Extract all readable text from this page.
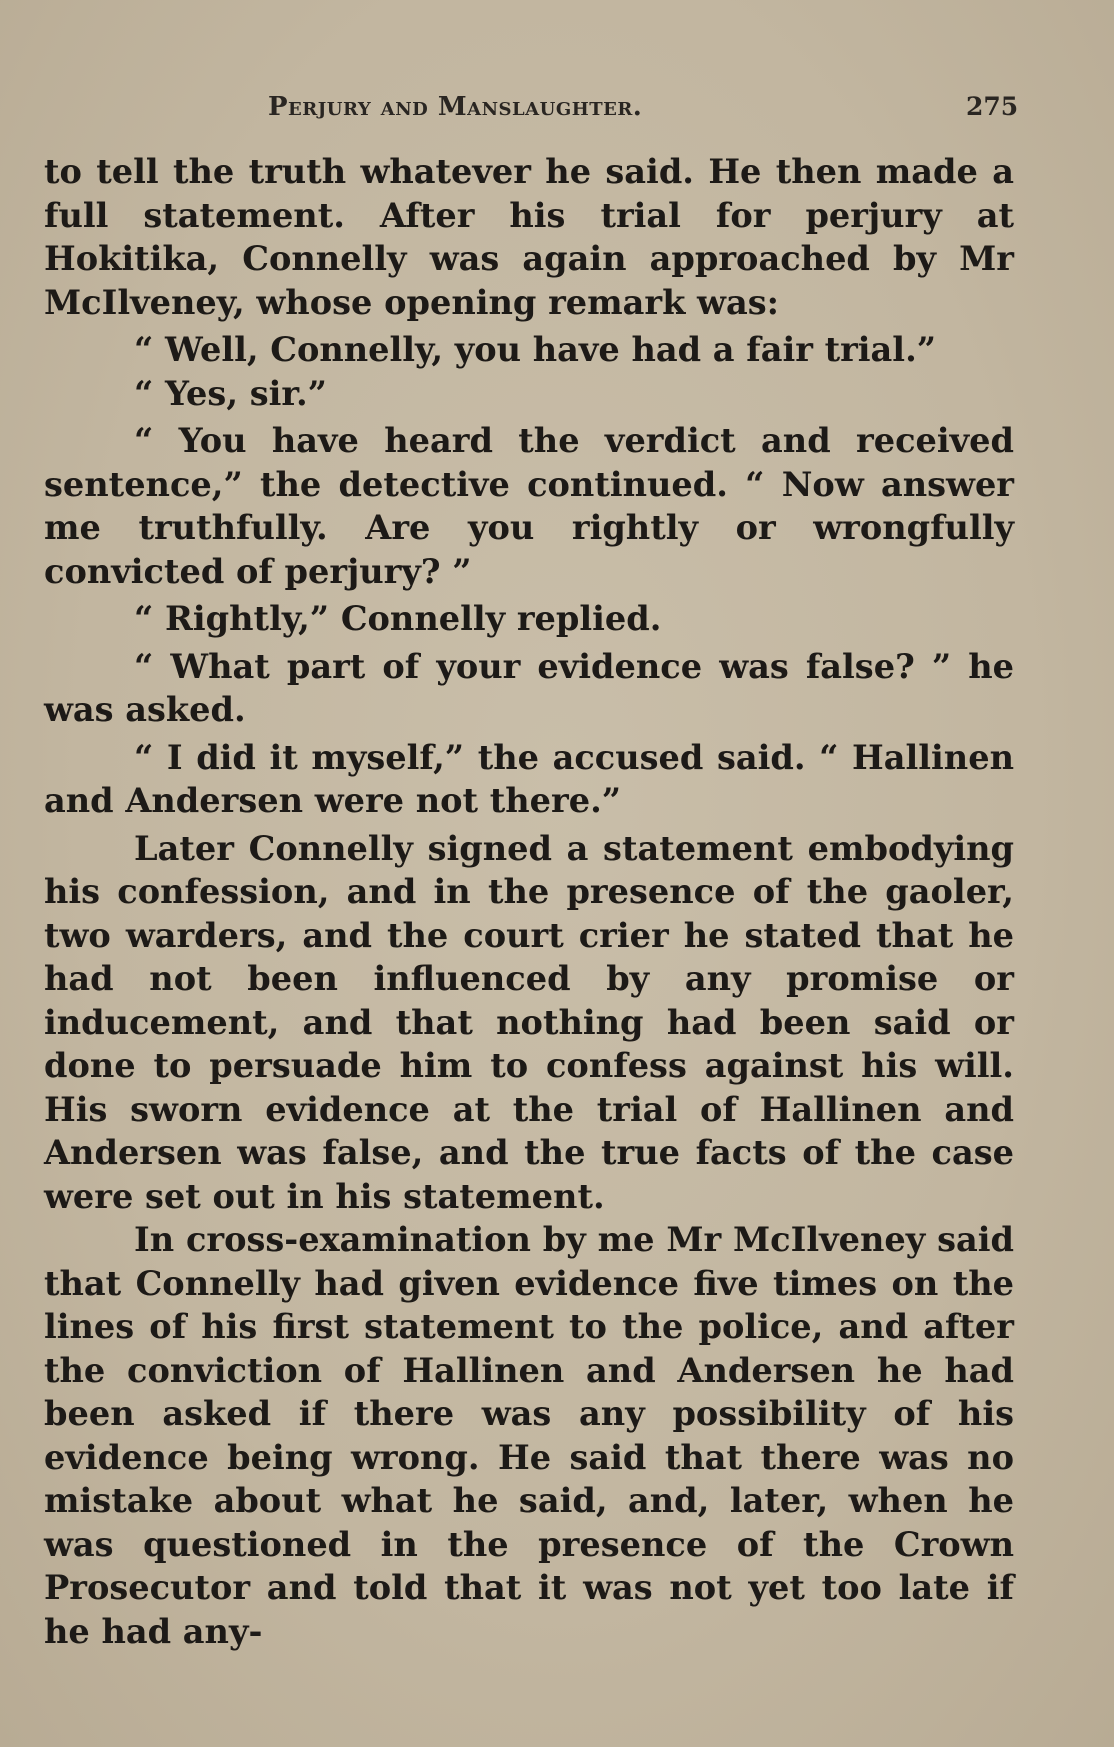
Perjury and Manslaughter.	275

to tell the truth whatever he said. He then made a full statement. After his trial for perjury at Hokitika, Connelly was again approached by Mr McIlveney, whose opening remark was:

“ Well, Connelly, you have had a fair trial.”

“ Yes, sir.”

“ You have heard the verdict and received sentence,” the detective continued. “ Now answer me truthfully. Are you rightly or wrongfully convicted of perjury? ”

“ Rightly,” Connelly replied.

“ What part of your evidence was false? ” he was asked.

“ I did it myself,” the accused said. “ Hallinen and Andersen were not there.”

Later Connelly signed a statement embodying his confession, and in the presence of the gaoler, two warders, and the court crier he stated that he had not been influenced by any promise or inducement, and that nothing had been said or done to persuade him to confess against his will. His sworn evidence at the trial of Hallinen and Andersen was false, and the true facts of the case were set out in his statement.

In cross-examination by me Mr McIlveney said that Connelly had given evidence five times on the lines of his first statement to the police, and after the conviction of Hallinen and Andersen he had been asked if there was any possibility of his evidence being wrong. He said that there was no mistake about what he said, and, later, when he was questioned in the presence of the Crown Prosecutor and told that it was not yet too late if he had any-
